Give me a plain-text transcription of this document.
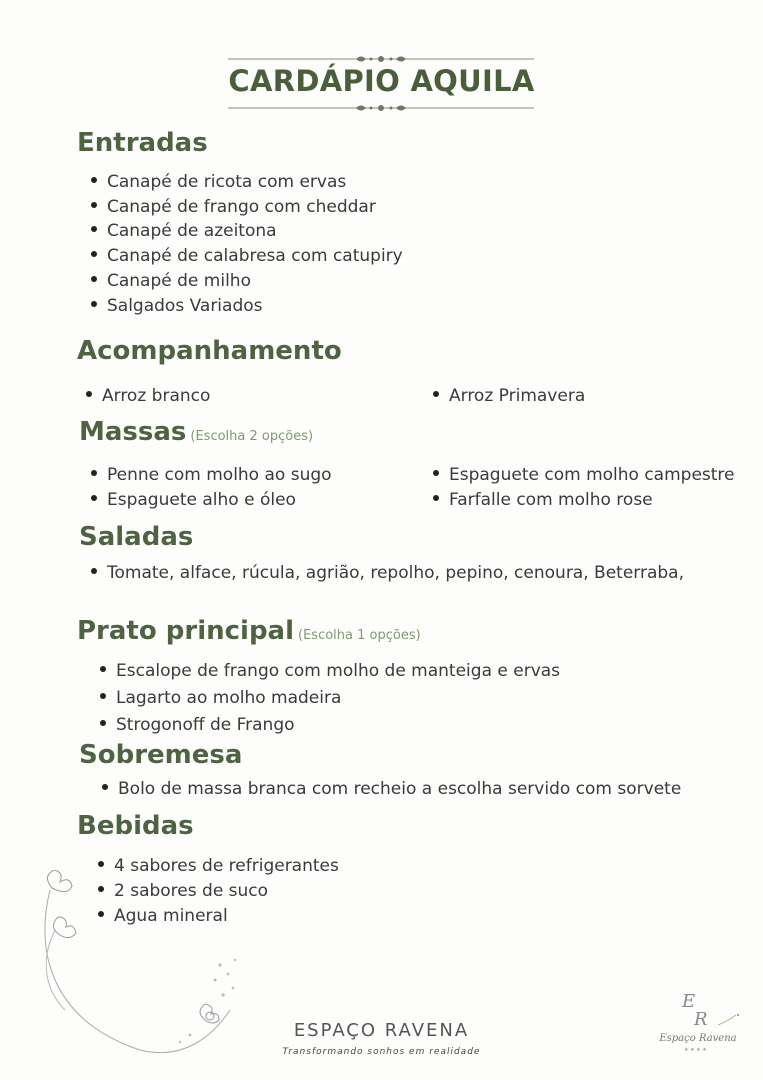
CARDÁPIO AQUILA
Entradas
Canapé de ricota com ervas
Canapé de frango com cheddar
Canapé de azeitona
Canapé de calabresa com catupiry
Canapé de milho
Salgados Variados
Acompanhamento
Arroz branco	Arroz Primavera
Massas (Escolha 2 opções)
Penne com molho ao sugo
Espaguete alho e óleo
Espaguete com molho campestre
Farfalle com molho rose
Saladas
Tomate, alface, rúcula, agrião, repolho, pepino, cenoura, Beterraba,
Prato principal (Escolha 1 opções)
Escalope de frango com molho de manteiga e ervas
Lagarto ao molho madeira
Strogonoff de Frango
Sobremesa
Bolo de massa branca com recheio a escolha servido com sorvete
Bebidas
4 sabores de refrigerantes
2 sabores de suco
Agua mineral
ESPAÇO RAVENA
Transformando sonhos em realidade
E
R
★ ★ ★ ★
Espaço Ravena
